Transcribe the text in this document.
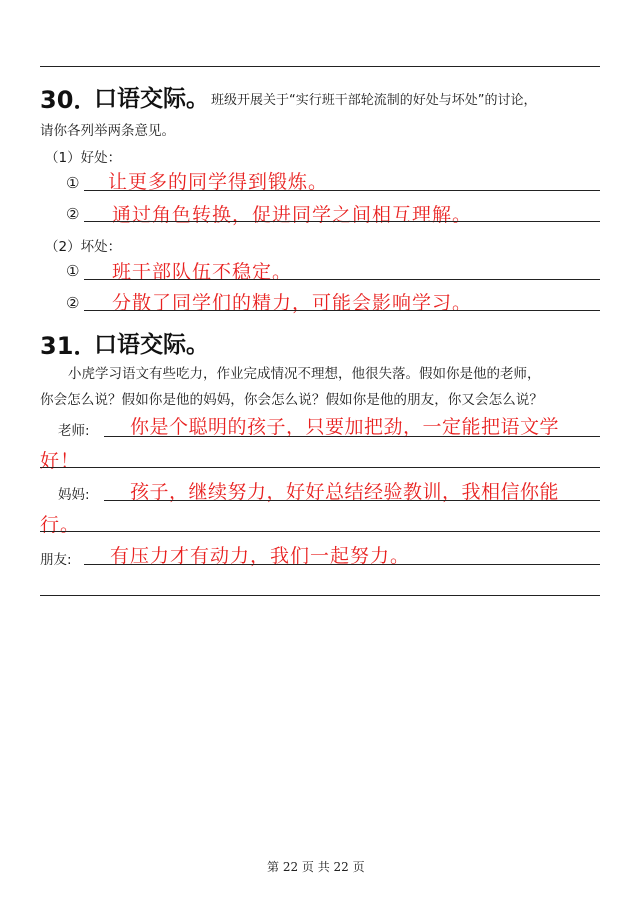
30．
口语交际。 班级开展关于“实行班干部轮流制的好处与坏处”的讨论，
请你各列举两条意见。
（1）好处：
① 让更多的同学得到锻炼。
② 通过角色转换，促进同学之间相互理解。
（2）坏处：
① 班干部队伍不稳定。
② 分散了同学们的精力，可能会影响学习。
31．
口语交际。
小虎学习语文有些吃力，作业完成情况不理想，他很失落。假如你是他的老师，
你会怎么说？假如你是他的妈妈，你会怎么说？假如你是他的朋友，你又会怎么说？
老师: 你是个聪明的孩子，只要加把劲，一定能把语文学
好！
妈妈: 孩子，继续努力，好好总结经验教训，我相信你能
行。
朋友: 有压力才有动力，我们一起努力。
第 22 页 共 22 页
